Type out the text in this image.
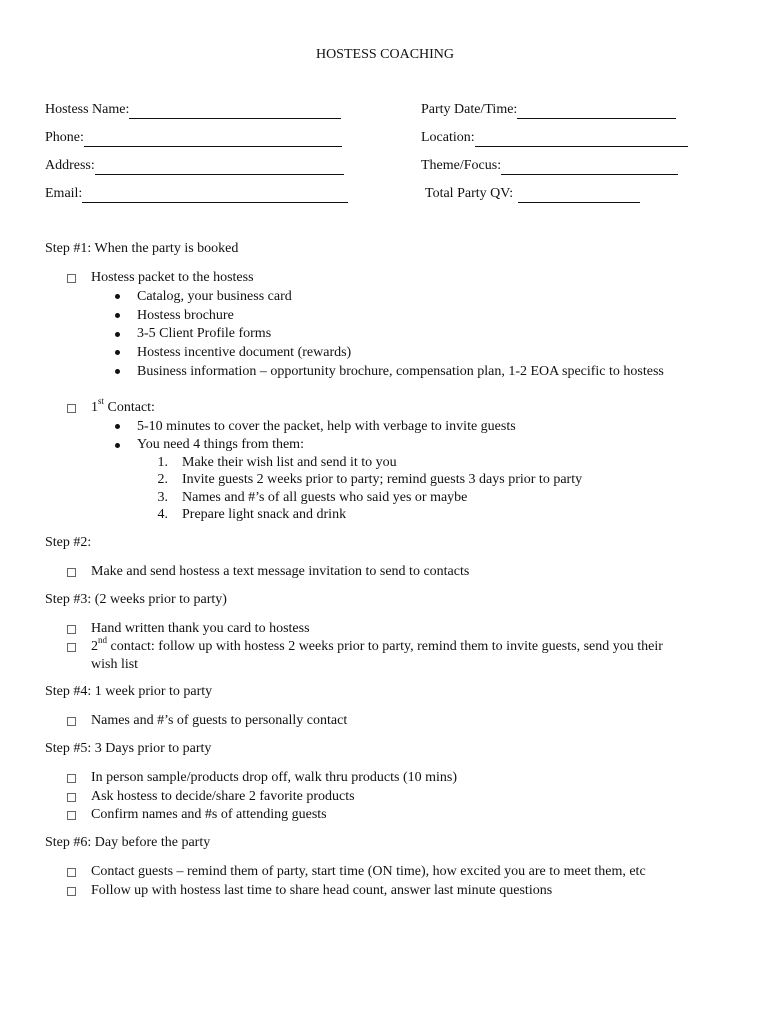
HOSTESS COACHING
Hostess Name:
Phone:
Address:
Email:
Party Date/Time:
Location:
Theme/Focus:
Total Party QV:
Step #1: When the party is booked
Hostess packet to the hostess
Catalog, your business card
Hostess brochure
3-5 Client Profile forms
Hostess incentive document (rewards)
Business information – opportunity brochure, compensation plan, 1-2 EOA specific to hostess
1st Contact:
5-10 minutes to cover the packet, help with verbage to invite guests
You need 4 things from them:
1. Make their wish list and send it to you
2. Invite guests 2 weeks prior to party; remind guests 3 days prior to party
3. Names and #’s of all guests who said yes or maybe
4. Prepare light snack and drink
Step #2:
Make and send hostess a text message invitation to send to contacts
Step #3: (2 weeks prior to party)
Hand written thank you card to hostess
2nd contact: follow up with hostess 2 weeks prior to party, remind them to invite guests, send you their
wish list
Step #4: 1 week prior to party
Names and #’s of guests to personally contact
Step #5: 3 Days prior to party
In person sample/products drop off, walk thru products (10 mins)
Ask hostess to decide/share 2 favorite products
Confirm names and #s of attending guests
Step #6: Day before the party
Contact guests – remind them of party, start time (ON time), how excited you are to meet them, etc
Follow up with hostess last time to share head count, answer last minute questions
